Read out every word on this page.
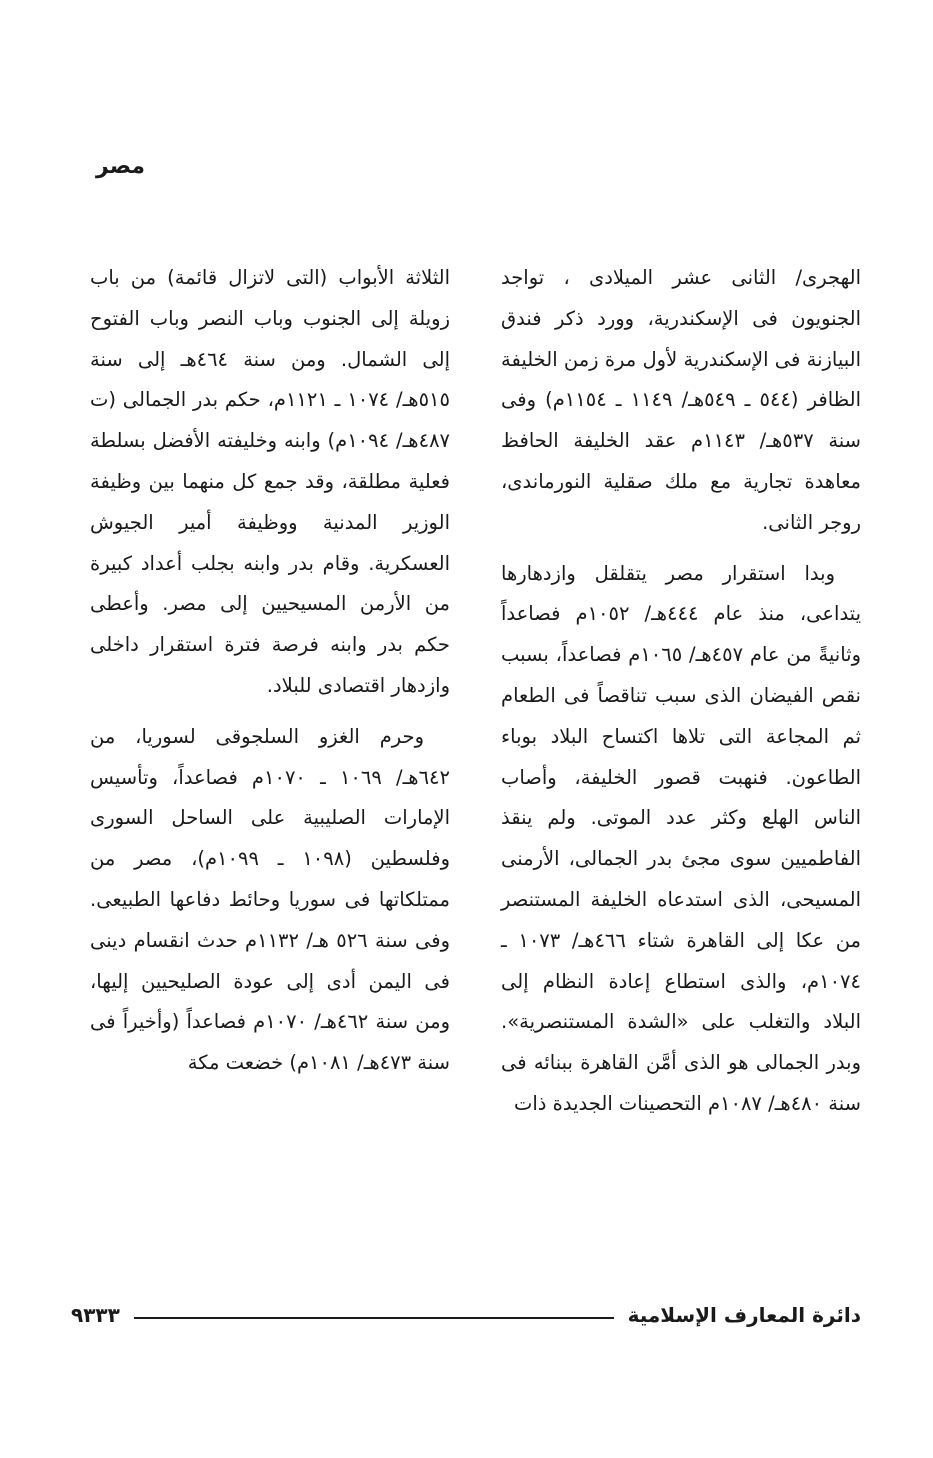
مصر

الهجرى/ الثانى عشر الميلادى ، تواجد الجنويون فى الإسكندرية، وورد ذكر فندق البيازنة فى الإسكندرية لأول مرة زمن الخليفة الظافر (٥٤٤ ـ ٥٤٩هـ/ ١١٤٩ ـ ١١٥٤م) وفى سنة ٥٣٧هـ/ ١١٤٣م عقد الخليفة الحافظ معاهدة تجارية مع ملك صقلية النورماندى، روجر الثانى.

وبدا استقرار مصر يتقلقل وازدهارها يتداعى، منذ عام ٤٤٤هـ/ ١٠٥٢م فصاعداً وثانيةً من عام ٤٥٧هـ/ ١٠٦٥م فصاعداً، بسبب نقص الفيضان الذى سبب تناقصاً فى الطعام ثم المجاعة التى تلاها اكتساح البلاد بوباء الطاعون. فنهبت قصور الخليفة، وأصاب الناس الهلع وكثر عدد الموتى. ولم ينقذ الفاطميين سوى مجئ بدر الجمالى، الأرمنى المسيحى، الذى استدعاه الخليفة المستنصر من عكا إلى القاهرة شتاء ٤٦٦هـ/ ١٠٧٣ ـ ١٠٧٤م، والذى استطاع إعادة النظام إلى البلاد والتغلب على «الشدة المستنصرية». وبدر الجمالى هو الذى أمَّن القاهرة ببنائه فى سنة ٤٨٠هـ/ ١٠٨٧م التحصينات الجديدة ذات

الثلاثة الأبواب (التى لاتزال قائمة) من باب زويلة إلى الجنوب وباب النصر وباب الفتوح إلى الشمال. ومن سنة ٤٦٤هـ إلى سنة ٥١٥هـ/ ١٠٧٤ ـ ١١٢١م، حكم بدر الجمالى (ت ٤٨٧هـ/ ١٠٩٤م) وابنه وخليفته الأفضل بسلطة فعلية مطلقة، وقد جمع كل منهما بين وظيفة الوزير المدنية ووظيفة أمير الجيوش العسكرية. وقام بدر وابنه بجلب أعداد كبيرة من الأرمن المسيحيين إلى مصر. وأعطى حكم بدر وابنه فرصة فترة استقرار داخلى وازدهار اقتصادى للبلاد.

وحرم الغزو السلجوقى لسوريا، من ٦٤٢هـ/ ١٠٦٩ ـ ١٠٧٠م فصاعداً، وتأسيس الإمارات الصليبية على الساحل السورى وفلسطين (١٠٩٨ ـ ١٠٩٩م)، مصر من ممتلكاتها فى سوريا وحائط دفاعها الطبيعى. وفى سنة ٥٢٦ هـ/ ١١٣٢م حدث انقسام دينى فى اليمن أدى إلى عودة الصليحيين إليها، ومن سنة ٤٦٢هـ/ ١٠٧٠م فصاعداً (وأخيراً فى سنة ٤٧٣هـ/ ١٠٨١م) خضعت مكة

دائرة المعارف الإسلامية
٩٣٣٣
